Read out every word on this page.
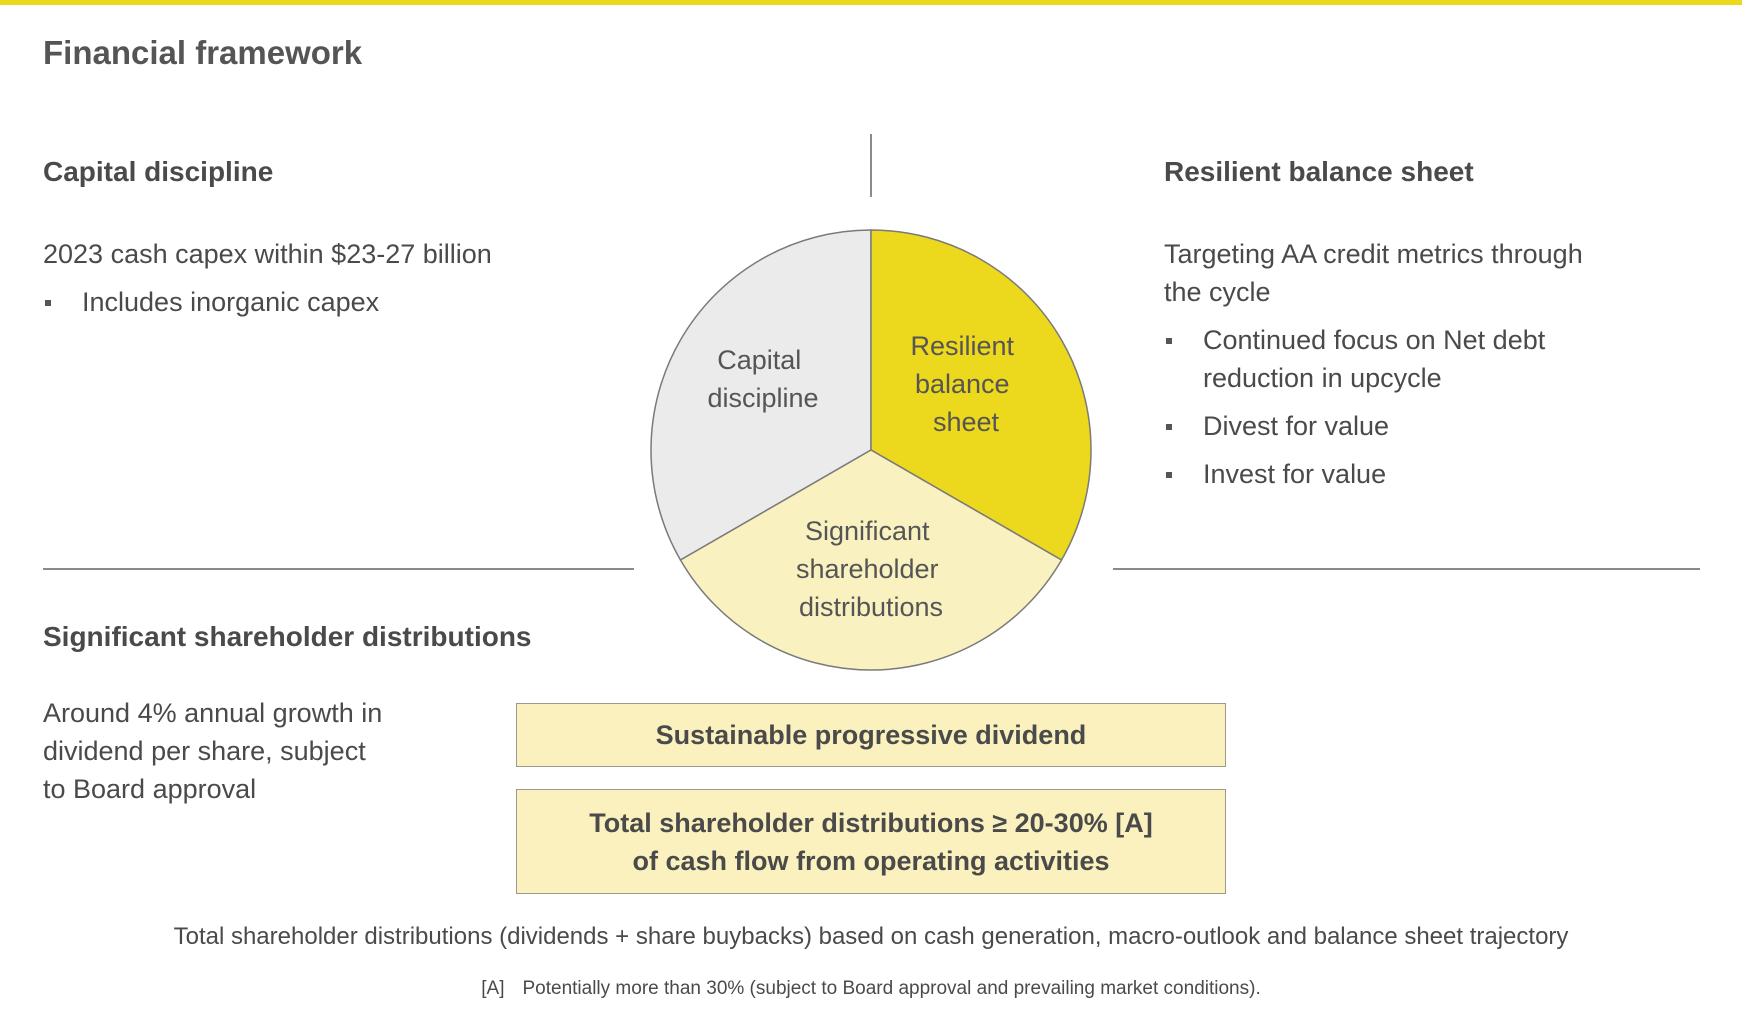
Financial framework
Capital discipline
2023 cash capex within $23-27 billion
Includes inorganic capex
Resilient balance sheet
Targeting AA credit metrics through the cycle
Continued focus on Net debt reduction in upcycle
Divest for value
Invest for value
Significant shareholder distributions
Around 4% annual growth in dividend per share, subject to Board approval
Capital discipline
Resilient balance sheet
Significant shareholder distributions
Sustainable progressive dividend
Total shareholder distributions ≥ 20-30% [A]
of cash flow from operating activities
Total shareholder distributions (dividends + share buybacks) based on cash generation, macro-outlook and balance sheet trajectory
[A] Potentially more than 30% (subject to Board approval and prevailing market conditions).
